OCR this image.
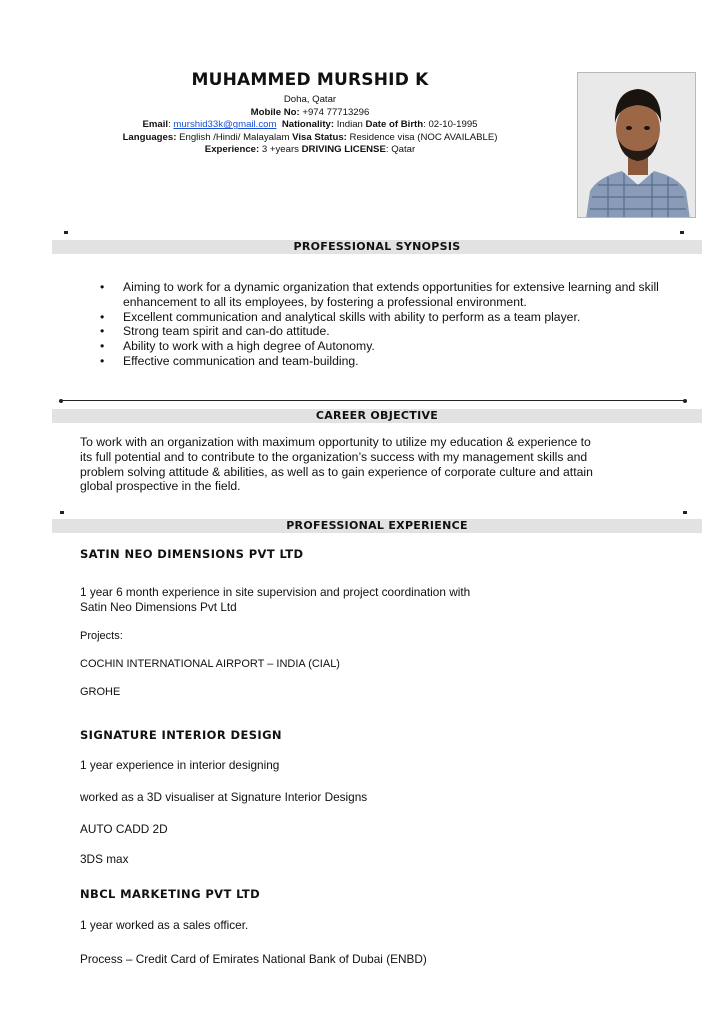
MUHAMMED MURSHID K
Doha, Qatar
Mobile No: +974 77713296
Email: murshid33k@gmail.com Nationality: Indian Date of Birth: 02-10-1995
Languages: English /Hindi/ Malayalam Visa Status: Residence visa (NOC AVAILABLE)
Experience: 3 +years DRIVING LICENSE: Qatar
PROFESSIONAL SYNOPSIS
• Aiming to work for a dynamic organization that extends opportunities for extensive learning and skill enhancement to all its employees, by fostering a professional environment.
• Excellent communication and analytical skills with ability to perform as a team player.
• Strong team spirit and can-do attitude.
• Ability to work with a high degree of Autonomy.
• Effective communication and team-building.
CAREER OBJECTIVE
To work with an organization with maximum opportunity to utilize my education & experience to
its full potential and to contribute to the organization’s success with my management skills and
problem solving attitude & abilities, as well as to gain experience of corporate culture and attain
global prospective in the field.
PROFESSIONAL EXPERIENCE
SATIN NEO DIMENSIONS PVT LTD
1 year 6 month experience in site supervision and project coordination with
Satin Neo Dimensions Pvt Ltd
Projects:
COCHIN INTERNATIONAL AIRPORT – INDIA (CIAL)
GROHE
SIGNATURE INTERIOR DESIGN
1 year experience in interior designing
worked as a 3D visualiser at Signature Interior Designs
AUTO CADD 2D
3DS max
NBCL MARKETING PVT LTD
1 year worked as a sales officer.
Process – Credit Card of Emirates National Bank of Dubai (ENBD)
